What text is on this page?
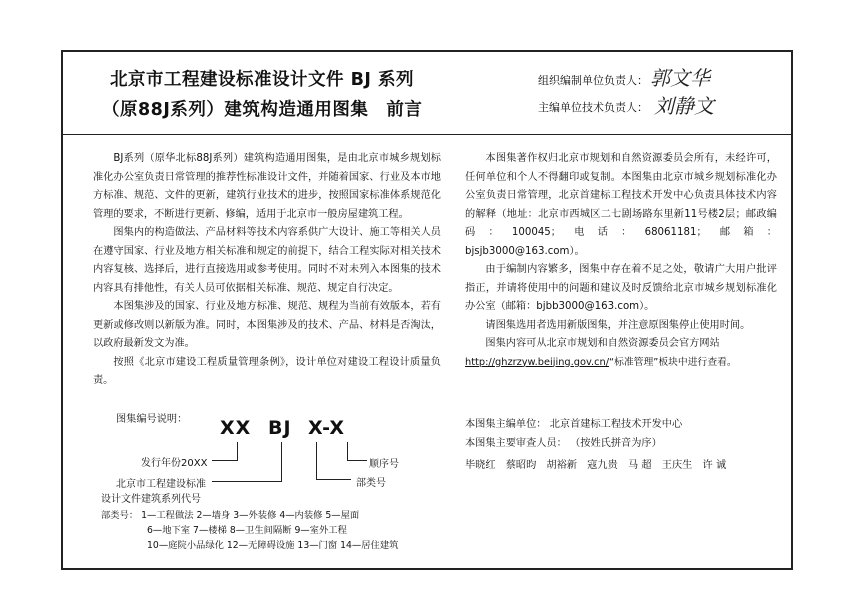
北京市工程建设标准设计文件 BJ 系列
（原88J系列）建筑构造通用图集　前言
组织编制单位负责人： 郭文华
主编单位技术负责人： 刘静文

BJ系列（原华北标88J系列）建筑构造通用图集，是由北京市城乡规划标准化办公室负责日常管理的推荐性标准设计文件，并随着国家、行业及本市地方标准、规范、文件的更新，建筑行业技术的进步，按照国家标准体系规范化管理的要求，不断进行更新、修编，适用于北京市一般房屋建筑工程。

图集内的构造做法、产品材料等技术内容系供广大设计、施工等相关人员在遵守国家、行业及地方相关标准和规定的前提下，结合工程实际对相关技术内容复核、选择后，进行直接选用或参考使用。同时不对未列入本图集的技术内容具有排他性，有关人员可依据相关标准、规范、规定自行决定。

本图集涉及的国家、行业及地方标准、规范、规程为当前有效版本，若有更新或修改则以新版为准。同时，本图集涉及的技术、产品、材料是否淘汰，以政府最新发文为准。

按照《北京市建设工程质量管理条例》，设计单位对建设工程设计质量负责。

图集编号说明： XX BJ X-X
发行年份20XX	顺序号
北京市工程建设标准
设计文件建筑系列代号
部类号
部类号： 1—工程做法 2—墙身 3—外装修 4—内装修 5—屋面
6—地下室 7—楼梯 8—卫生间隔断 9—室外工程
10—庭院小品绿化 12—无障碍设施 13—门窗 14—居住建筑

本图集著作权归北京市规划和自然资源委员会所有，未经许可，任何单位和个人不得翻印或复制。本图集由北京市城乡规划标准化办公室负责日常管理，北京首建标工程技术开发中心负责具体技术内容的解释（地址：北京市西城区二七剧场路东里新11号楼2层；邮政编码：100045；电话：68061181；邮箱： bjsjb3000@163.com）。

由于编制内容繁多，图集中存在着不足之处，敬请广大用户批评指正，并请将使用中的问题和建议及时反馈给北京市城乡规划标准化办公室（邮箱：bjbb3000@163.com）。

请图集选用者选用新版图集，并注意原图集停止使用时间。

图集内容可从北京市规划和自然资源委员会官方网站

http://ghzrzyw.beijing.gov.cn/“标准管理”板块中进行查看。
本图集主编单位： 北京首建标工程技术开发中心
本图集主要审查人员： （按姓氏拼音为序）
毕晓红　蔡昭昀　胡裕新　寇九贵　马 超　王庆生　许 诚
